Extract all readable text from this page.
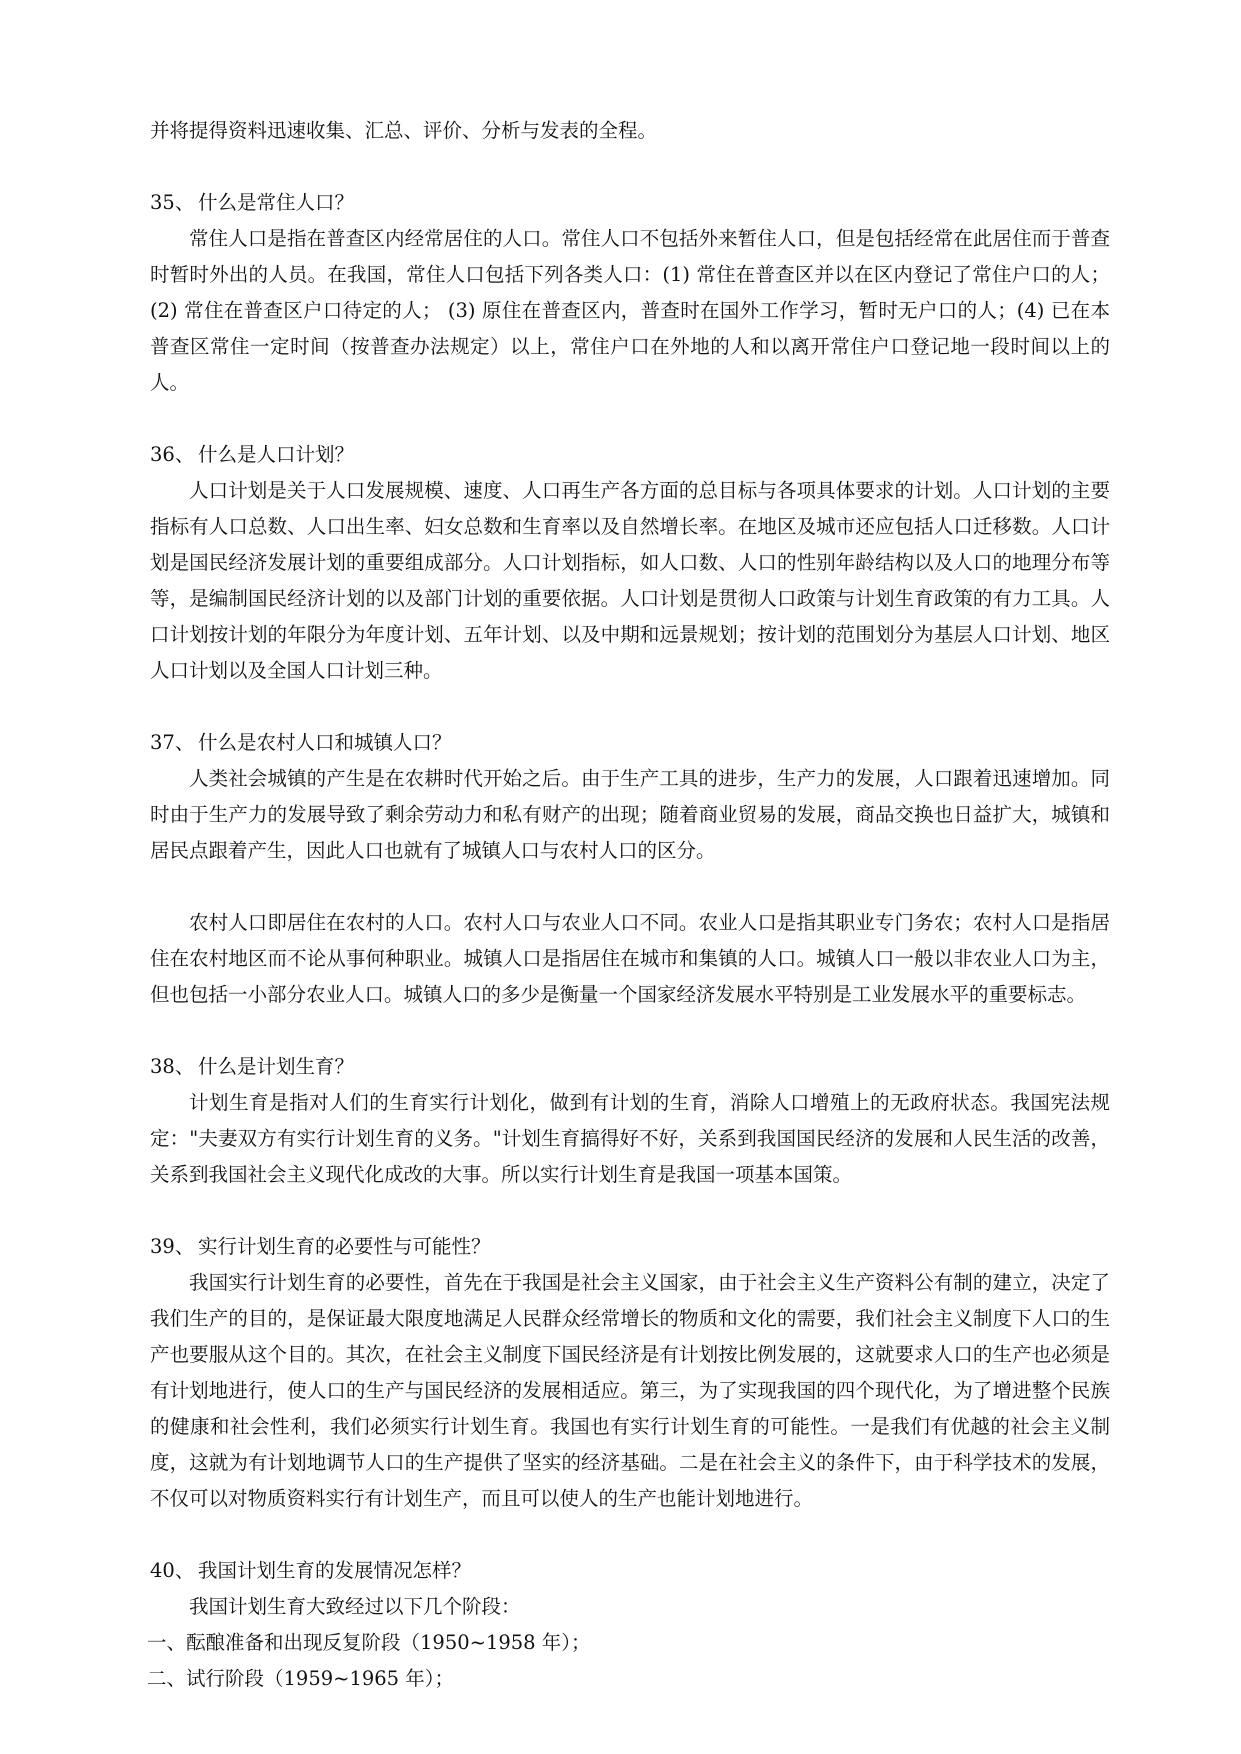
并将提得资料迅速收集、汇总、评价、分析与发表的全程。

35、 什么是常住人口？

常住人口是指在普查区内经常居住的人口。常住人口不包括外来暂住人口，但是包括经常在此居住而于普查时暂时外出的人员。在我国，常住人口包括下列各类人口：(1) 常住在普查区并以在区内登记了常住户口的人；(2) 常住在普查区户口待定的人； (3) 原住在普查区内，普查时在国外工作学习，暂时无户口的人；(4) 已在本普查区常住一定时间（按普查办法规定）以上，常住户口在外地的人和以离开常住户口登记地一段时间以上的人。

36、 什么是人口计划？

人口计划是关于人口发展规模、速度、人口再生产各方面的总目标与各项具体要求的计划。人口计划的主要指标有人口总数、人口出生率、妇女总数和生育率以及自然增长率。在地区及城市还应包括人口迁移数。人口计划是国民经济发展计划的重要组成部分。人口计划指标，如人口数、人口的性别年龄结构以及人口的地理分布等等，是编制国民经济计划的以及部门计划的重要依据。人口计划是贯彻人口政策与计划生育政策的有力工具。人口计划按计划的年限分为年度计划、五年计划、以及中期和远景规划；按计划的范围划分为基层人口计划、地区人口计划以及全国人口计划三种。

37、 什么是农村人口和城镇人口？

人类社会城镇的产生是在农耕时代开始之后。由于生产工具的进步，生产力的发展，人口跟着迅速增加。同时由于生产力的发展导致了剩余劳动力和私有财产的出现；随着商业贸易的发展，商品交换也日益扩大，城镇和居民点跟着产生，因此人口也就有了城镇人口与农村人口的区分。

农村人口即居住在农村的人口。农村人口与农业人口不同。农业人口是指其职业专门务农；农村人口是指居住在农村地区而不论从事何种职业。城镇人口是指居住在城市和集镇的人口。城镇人口一般以非农业人口为主，但也包括一小部分农业人口。城镇人口的多少是衡量一个国家经济发展水平特别是工业发展水平的重要标志。

38、 什么是计划生育？

计划生育是指对人们的生育实行计划化，做到有计划的生育，消除人口增殖上的无政府状态。我国宪法规定："夫妻双方有实行计划生育的义务。"计划生育搞得好不好，关系到我国国民经济的发展和人民生活的改善，关系到我国社会主义现代化成改的大事。所以实行计划生育是我国一项基本国策。

39、 实行计划生育的必要性与可能性？

我国实行计划生育的必要性，首先在于我国是社会主义国家，由于社会主义生产资料公有制的建立，决定了我们生产的目的，是保证最大限度地满足人民群众经常增长的物质和文化的需要，我们社会主义制度下人口的生产也要服从这个目的。其次，在社会主义制度下国民经济是有计划按比例发展的，这就要求人口的生产也必须是有计划地进行，使人口的生产与国民经济的发展相适应。第三，为了实现我国的四个现代化，为了增进整个民族的健康和社会性利，我们必须实行计划生育。我国也有实行计划生育的可能性。一是我们有优越的社会主义制度，这就为有计划地调节人口的生产提供了坚实的经济基础。二是在社会主义的条件下，由于科学技术的发展，不仅可以对物质资料实行有计划生产，而且可以使人的生产也能计划地进行。

40、 我国计划生育的发展情况怎样？

我国计划生育大致经过以下几个阶段：

一、酝酿准备和出现反复阶段（1950~1958 年）；

二、试行阶段（1959~1965 年）；
